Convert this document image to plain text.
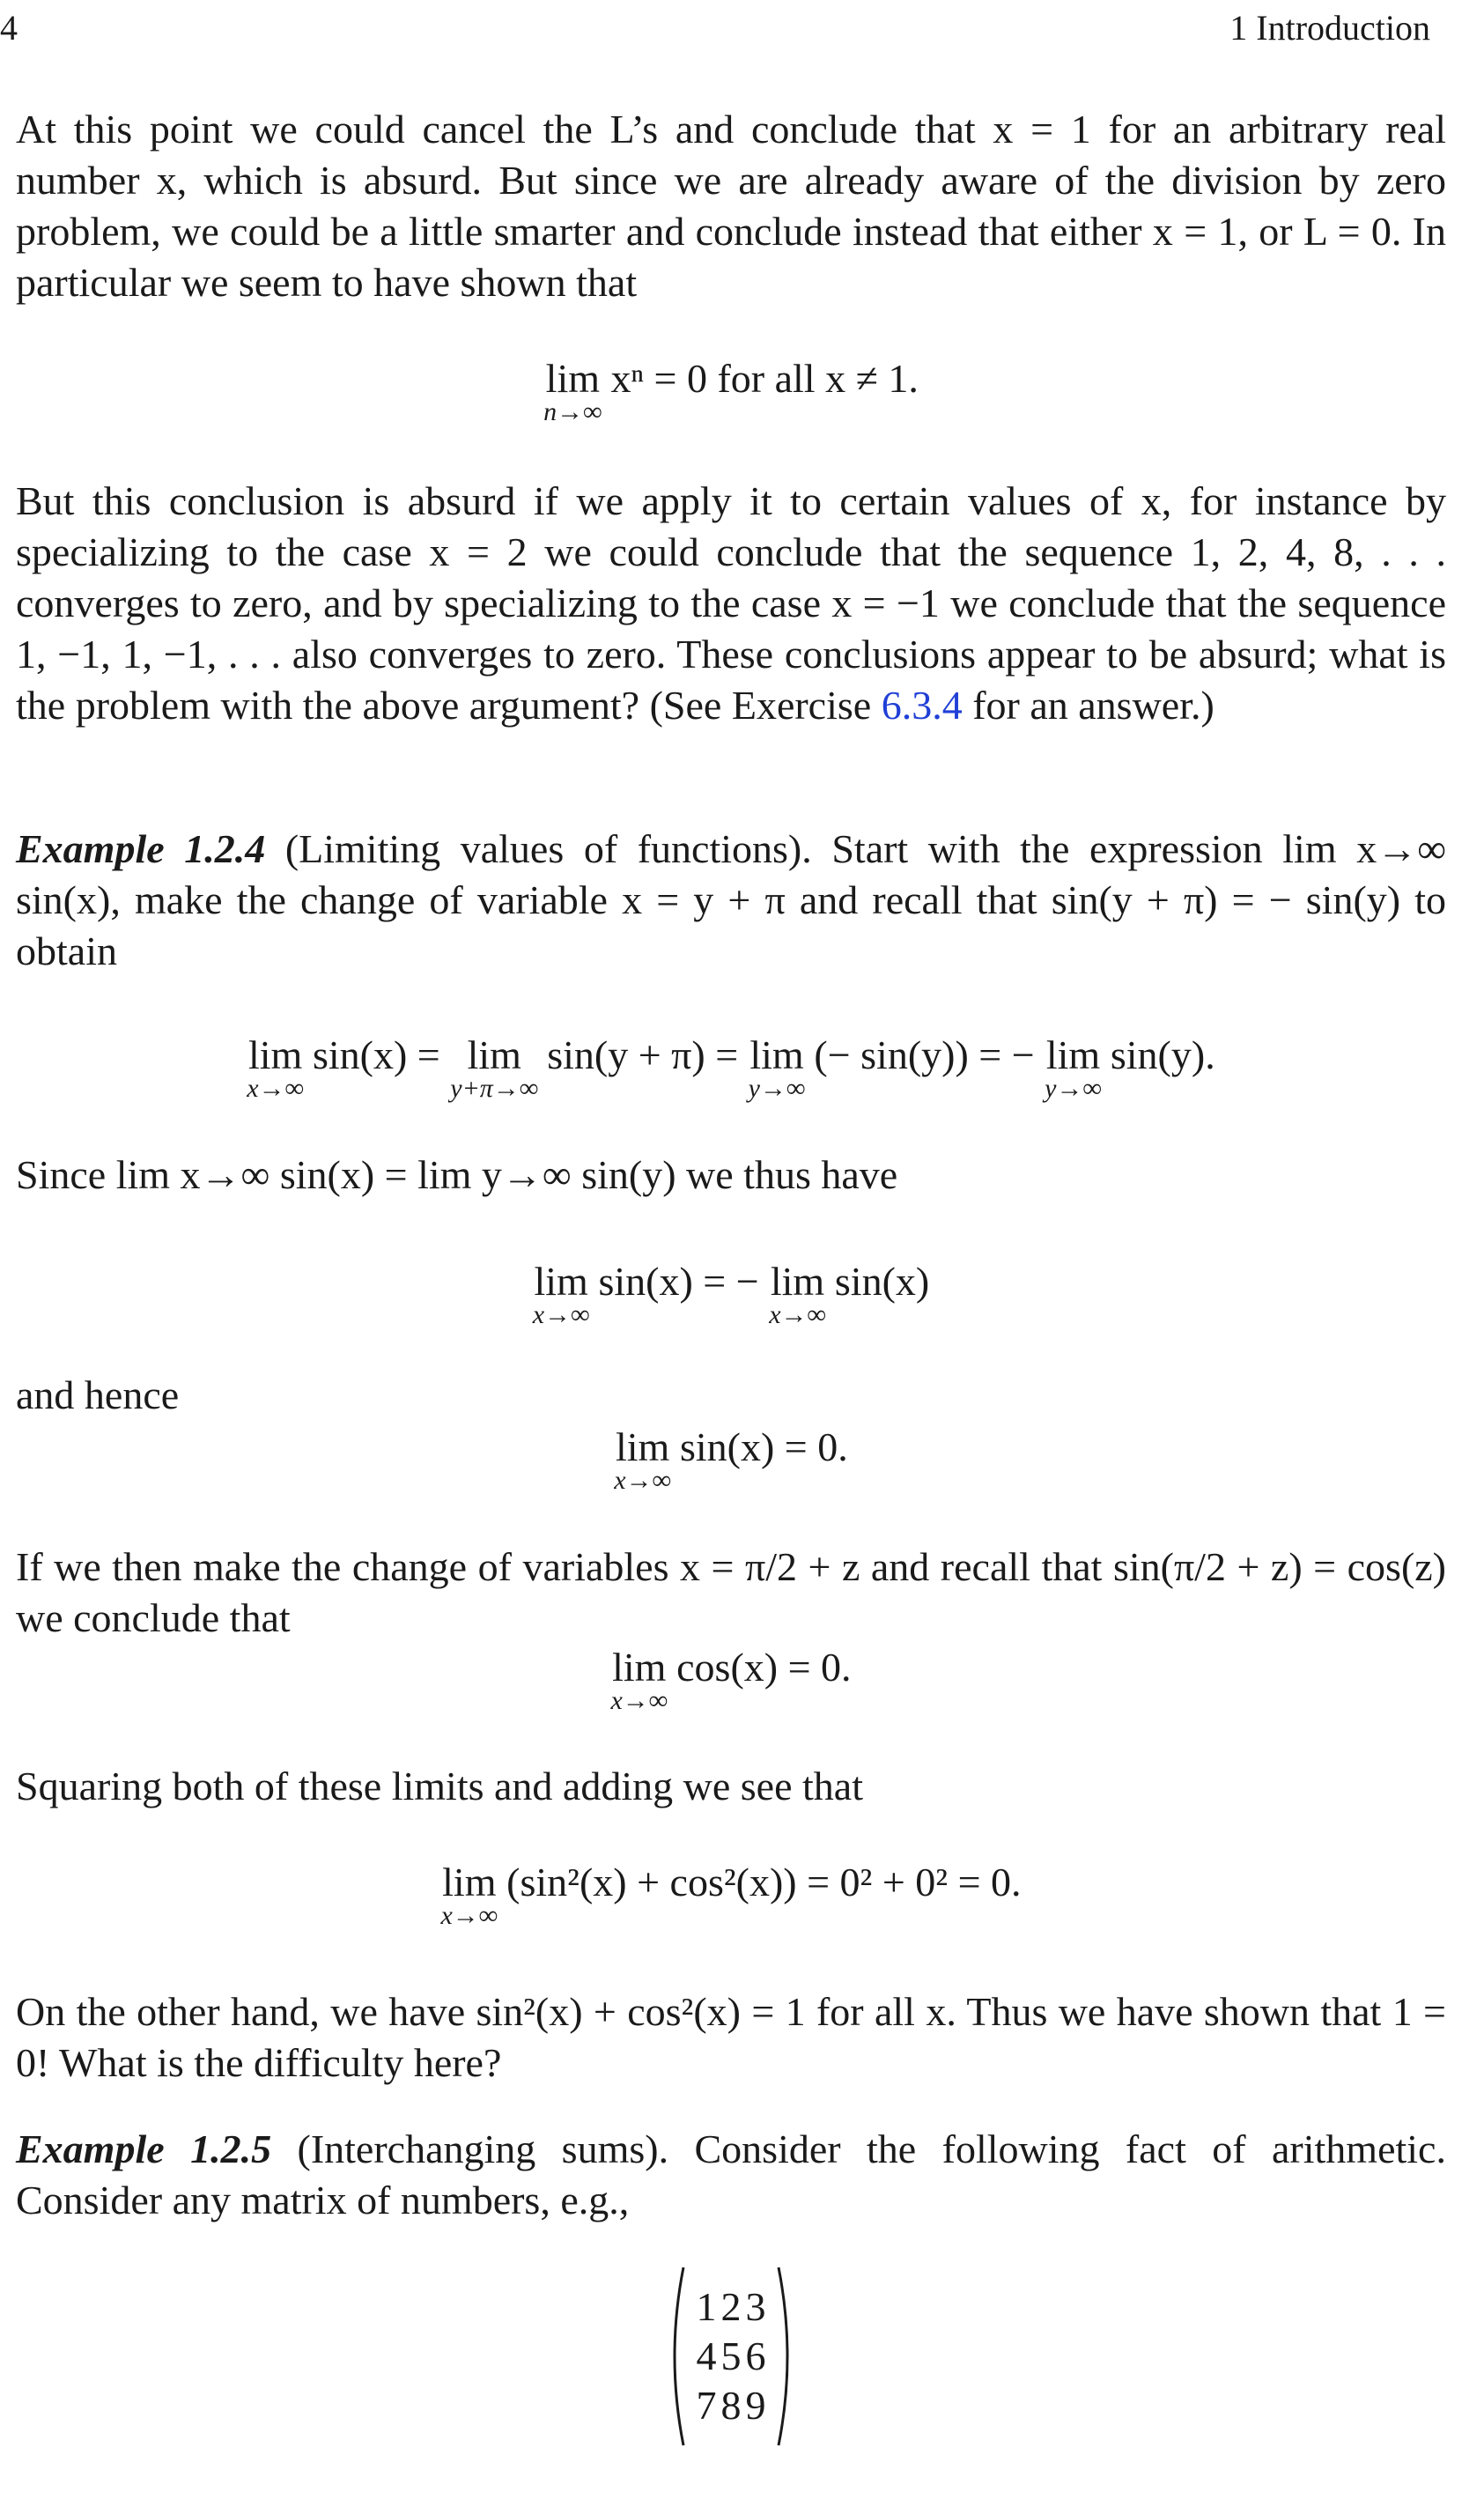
4	1 Introduction
At this point we could cancel the L’s and conclude that x = 1 for an arbitrary real number x, which is absurd. But since we are already aware of the division by zero problem, we could be a little smarter and conclude instead that either x = 1, or L = 0. In particular we seem to have shown that
lim
n→∞
xⁿ = 0 for all x ≠ 1.
But this conclusion is absurd if we apply it to certain values of x, for instance by specializing to the case x = 2 we could conclude that the sequence 1, 2, 4, 8, . . . converges to zero, and by specializing to the case x = −1 we conclude that the sequence 1, −1, 1, −1, . . . also converges to zero. These conclusions appear to be absurd; what is the problem with the above argument? (See Exercise 6.3.4 for an answer.)
Example 1.2.4 (Limiting values of functions). Start with the expression lim x→∞ sin(x), make the change of variable x = y + π and recall that sin(y + π) = − sin(y) to obtain
lim
x→∞
sin(x) = lim
y+π→∞
sin(y + π) = lim
y→∞
(− sin(y)) = − lim
y→∞
sin(y).
Since lim x→∞ sin(x) = lim y→∞ sin(y) we thus have
lim
x→∞
sin(x) = − lim
x→∞
sin(x)
and hence
lim
x→∞
sin(x) = 0.
If we then make the change of variables x = π/2 + z and recall that sin(π/2 + z) = cos(z) we conclude that
lim
x→∞
cos(x) = 0.
Squaring both of these limits and adding we see that
lim
x→∞
(sin²(x) + cos²(x)) = 0² + 0² = 0.
On the other hand, we have sin²(x) + cos²(x) = 1 for all x. Thus we have shown that 1 = 0! What is the difficulty here?
Example 1.2.5 (Interchanging sums). Consider the following fact of arithmetic. Consider any matrix of numbers, e.g.,
1 2 3
4 5 6
7 8 9
